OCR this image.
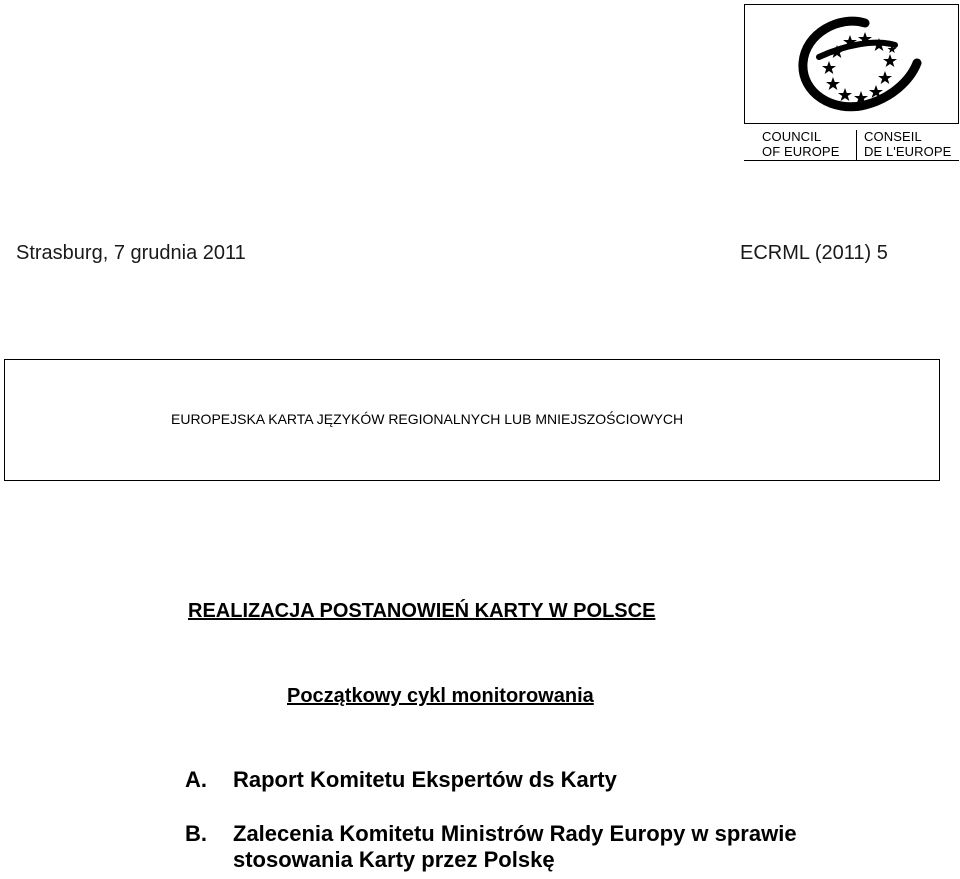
COUNCIL
OF EUROPE
CONSEIL
DE L'EUROPE
Strasburg, 7 grudnia 2011	ECRML (2011) 5
EUROPEJSKA KARTA JĘZYKÓW REGIONALNYCH LUB MNIEJSZOŚCIOWYCH
REALIZACJA POSTANOWIEŃ KARTY W POLSCE
Początkowy cykl monitorowania
A. Raport Komitetu Ekspertów ds Karty
B. Zalecenia Komitetu Ministrów Rady Europy w sprawie stosowania Karty przez Polskę
